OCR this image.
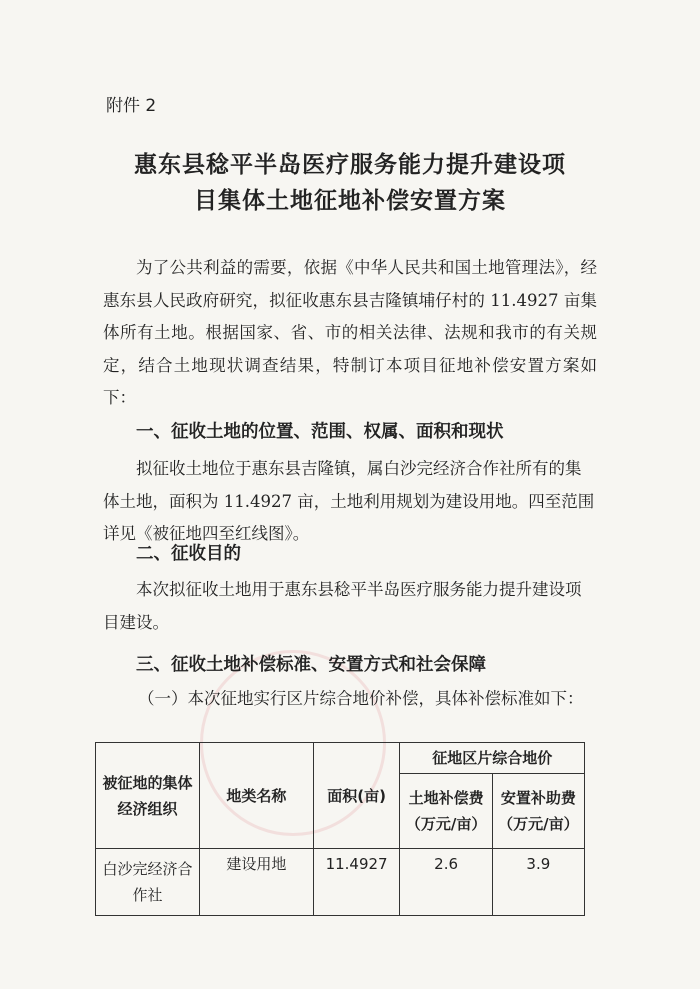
附件 2
惠东县稔平半岛医疗服务能力提升建设项
目集体土地征地补偿安置方案
为了公共利益的需要，依据《中华人民共和国土地管理法》，经惠东县人民政府研究，拟征收惠东县吉隆镇埔仔村的 11.4927 亩集体所有土地。根据国家、省、市的相关法律、法规和我市的有关规定，结合土地现状调查结果，特制订本项目征地补偿安置方案如下：
一、征收土地的位置、范围、权属、面积和现状
拟征收土地位于惠东县吉隆镇，属白沙完经济合作社所有的集体土地，面积为 11.4927 亩，土地利用规划为建设用地。四至范围详见《被征地四至红线图》。
二、征收目的
本次拟征收土地用于惠东县稔平半岛医疗服务能力提升建设项目建设。
三、征收土地补偿标准、安置方式和社会保障
（一）本次征地实行区片综合地价补偿，具体补偿标准如下：
被征地的集体经济组织	地类名称	面积(亩)	征地区片综合地价	
			土地补偿费（万元/亩）	安置补助费（万元/亩）
白沙完经济合作社	建设用地	11.4927	2.6	3.9
